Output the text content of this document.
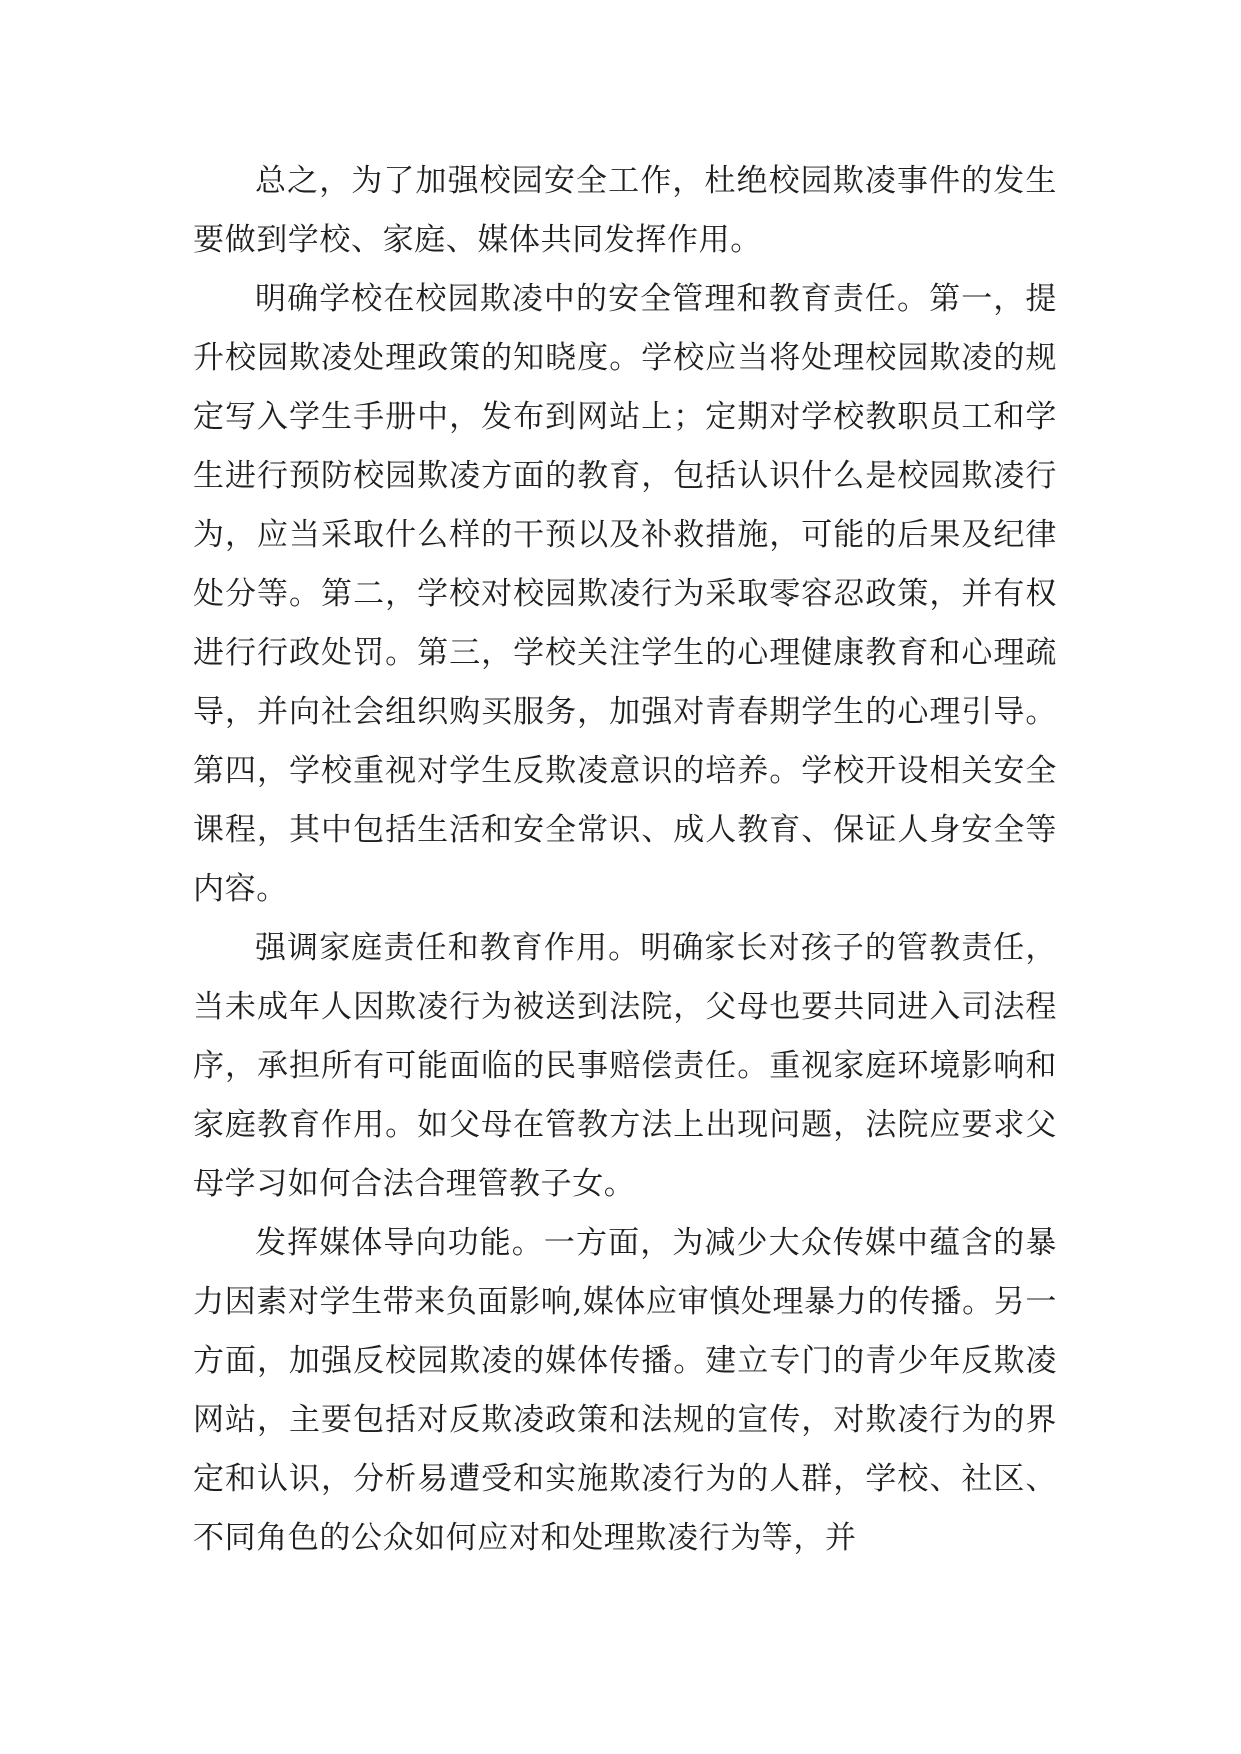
总之，为了加强校园安全工作，杜绝校园欺凌事件的发生要做到学校、家庭、媒体共同发挥作用。

明确学校在校园欺凌中的安全管理和教育责任。第一，提升校园欺凌处理政策的知晓度。学校应当将处理校园欺凌的规定写入学生手册中，发布到网站上；定期对学校教职员工和学生进行预防校园欺凌方面的教育，包括认识什么是校园欺凌行为，应当采取什么样的干预以及补救措施，可能的后果及纪律处分等。第二，学校对校园欺凌行为采取零容忍政策，并有权进行行政处罚。第三，学校关注学生的心理健康教育和心理疏导，并向社会组织购买服务，加强对青春期学生的心理引导。第四，学校重视对学生反欺凌意识的培养。学校开设相关安全课程，其中包括生活和安全常识、成人教育、保证人身安全等内容。

强调家庭责任和教育作用。明确家长对孩子的管教责任，当未成年人因欺凌行为被送到法院，父母也要共同进入司法程序，承担所有可能面临的民事赔偿责任。重视家庭环境影响和家庭教育作用。如父母在管教方法上出现问题，法院应要求父母学习如何合法合理管教子女。

发挥媒体导向功能。一方面，为减少大众传媒中蕴含的暴力因素对学生带来负面影响,媒体应审慎处理暴力的传播。另一方面，加强反校园欺凌的媒体传播。建立专门的青少年反欺凌网站，主要包括对反欺凌政策和法规的宣传，对欺凌行为的界定和认识，分析易遭受和实施欺凌行为的人群，学校、社区、不同角色的公众如何应对和处理欺凌行为等，并
